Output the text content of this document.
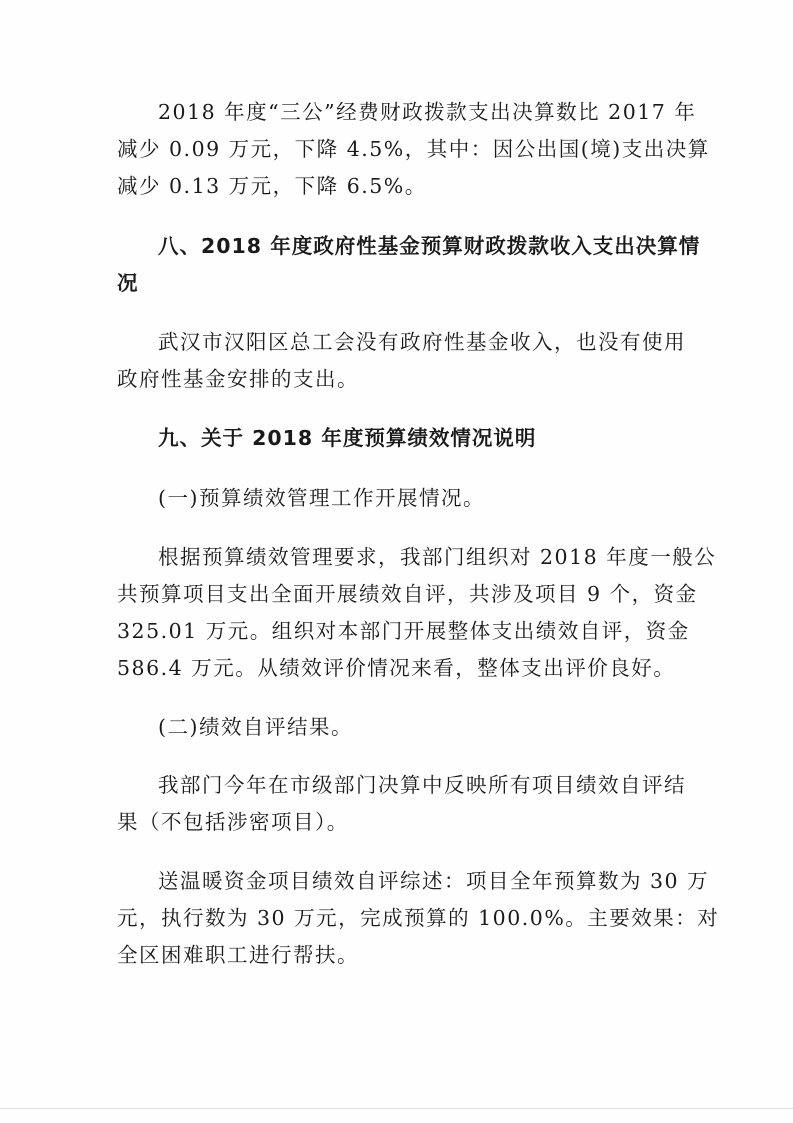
2018 年度“三公”经费财政拨款支出决算数比 2017 年
减少 0.09 万元，下降 4.5%，其中：因公出国(境)支出决算
减少 0.13 万元，下降 6.5%。

八、2018 年度政府性基金预算财政拨款收入支出决算情
况

武汉市汉阳区总工会没有政府性基金收入，也没有使用
政府性基金安排的支出。

九、关于 2018 年度预算绩效情况说明

(一)预算绩效管理工作开展情况。

根据预算绩效管理要求，我部门组织对 2018 年度一般公
共预算项目支出全面开展绩效自评，共涉及项目 9 个，资金
325.01 万元。组织对本部门开展整体支出绩效自评，资金
586.4 万元。从绩效评价情况来看，整体支出评价良好。

(二)绩效自评结果。

我部门今年在市级部门决算中反映所有项目绩效自评结
果（不包括涉密项目）。

送温暖资金项目绩效自评综述：项目全年预算数为 30 万
元，执行数为 30 万元，完成预算的 100.0%。主要效果：对
全区困难职工进行帮扶。
